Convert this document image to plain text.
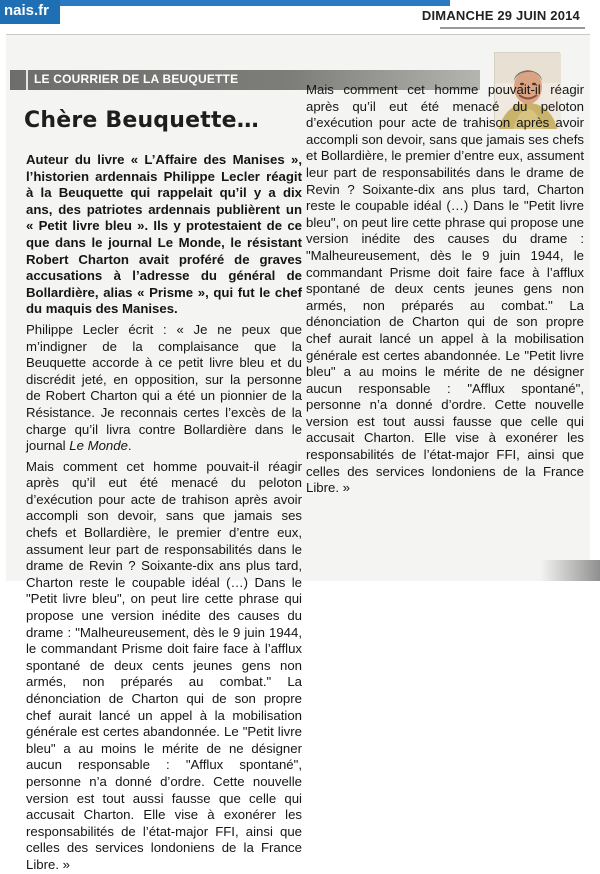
nais.fr	DIMANCHE 29 JUIN 2014
LE COURRIER DE LA BEUQUETTE
Chère Beuquette…

Auteur du livre « L’Affaire des Manises », l’historien ardennais Philippe Lecler réagit à la Beuquette qui rappelait qu’il y a dix ans, des patriotes ardennais publièrent un « Petit livre bleu ». Ils y protestaient de ce que dans le journal Le Monde, le résistant Robert Charton avait proféré de graves accusations à l’adresse du général de Bollardière, alias « Prisme », qui fut le chef du maquis des Manises.

Philippe Lecler écrit : « Je ne peux que m’indigner de la complaisance que la Beuquette accorde à ce petit livre bleu et du discrédit jeté, en opposition, sur la personne de Robert Charton qui a été un pionnier de la Résistance. Je reconnais certes l’excès de la charge qu’il livra contre Bollardière dans le journal Le Monde.

Mais comment cet homme pouvait-il réagir après qu’il eut été menacé du peloton d’exécution pour acte de trahison après avoir accompli son devoir, sans que jamais ses chefs et Bollardière, le premier d’entre eux, assument leur part de responsabilités dans le drame de Revin ? Soixante-dix ans plus tard, Charton reste le coupable idéal (…) Dans le "Petit livre bleu", on peut lire cette phrase qui propose une version inédite des causes du drame : "Malheureusement, dès le 9 juin 1944, le commandant Prisme doit faire face à l’afflux spontané de deux cents jeunes gens non armés, non préparés au combat." La dénonciation de Charton qui de son propre chef aurait lancé un appel à la mobilisation générale est certes abandonnée. Le "Petit livre bleu" a au moins le mérite de ne désigner aucun responsable : "Afflux spontané", personne n’a donné d’ordre. Cette nouvelle version est tout aussi fausse que celle qui accusait Charton. Elle vise à exonérer les responsabilités de l’état-major FFI, ainsi que celles des services londoniens de la France Libre. »

Mais comment cet homme pouvait-il réagir après qu’il eut été menacé du peloton d’exécution pour acte de trahison après avoir accompli son devoir, sans que jamais ses chefs et Bollardière, le premier d’entre eux, assument leur part de responsabilités dans le drame de Revin ? Soixante-dix ans plus tard, Charton reste le coupable idéal (…) Dans le "Petit livre bleu", on peut lire cette phrase qui propose une version inédite des causes du drame : "Malheureusement, dès le 9 juin 1944, le commandant Prisme doit faire face à l’afflux spontané de deux cents jeunes gens non armés, non préparés au combat." La dénonciation de Charton qui de son propre chef aurait lancé un appel à la mobilisation générale est certes abandonnée. Le "Petit livre bleu" a au moins le mérite de ne désigner aucun responsable : "Afflux spontané", personne n’a donné d’ordre. Cette nouvelle version est tout aussi fausse que celle qui accusait Charton. Elle vise à exonérer les responsabilités de l’état-major FFI, ainsi que celles des services londoniens de la France Libre. »
